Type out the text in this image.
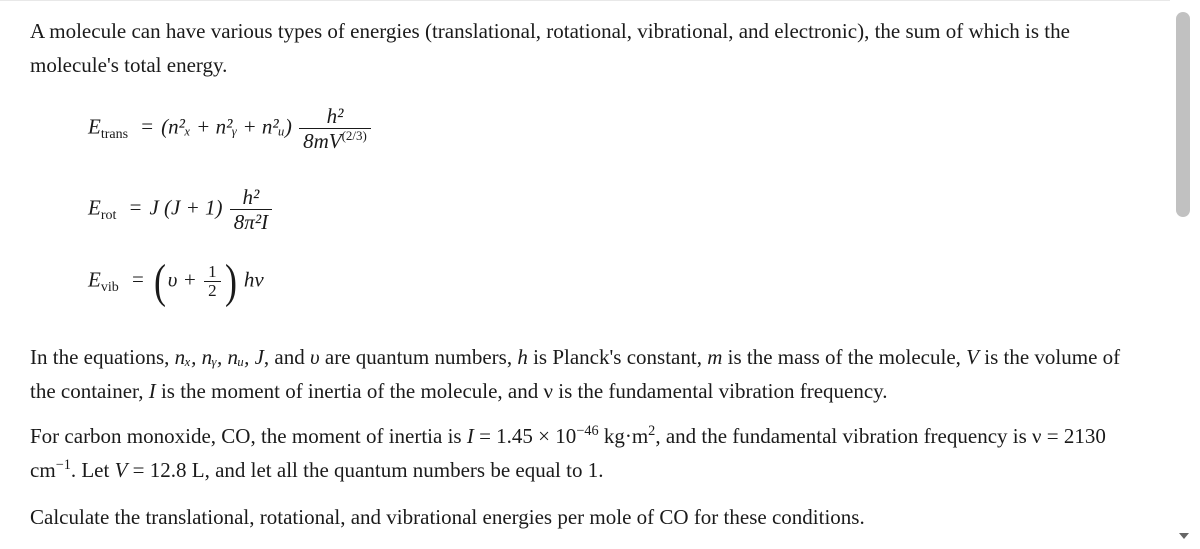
A molecule can have various types of energies (translational, rotational, vibrational, and electronic), the sum of which is the molecule's total energy.

$E_{trans} = (n^2_x$ + n²ᵧ + n²ᵤ) $\frac{\text{h²}}{8mV^{(2/3)}}$
$E_{rot} = J$ $(J + 1) \frac{\text{h²}}{\text{8π²I}}$
$E_{vib} = (\upsilon + \frac{1}{2}$ ) hν

In the equations, nₓ, nᵧ, nᵤ, J, and υ are quantum numbers, h is Planck's constant, m is the mass of the molecule, V is the volume of the container, I is the moment of inertia of the molecule, and ν is the fundamental vibration frequency.

For carbon monoxide, CO, the moment of inertia is $I = 1.45 \times 10^{-46}$ $kg\cdot m^2$, and the fundamental vibration frequency is ν = 2130 $cm^{-1}$. Let V = 12.8 L, and let all the quantum numbers be equal to 1.

Calculate the translational, rotational, and vibrational energies per mole of CO for these conditions.
